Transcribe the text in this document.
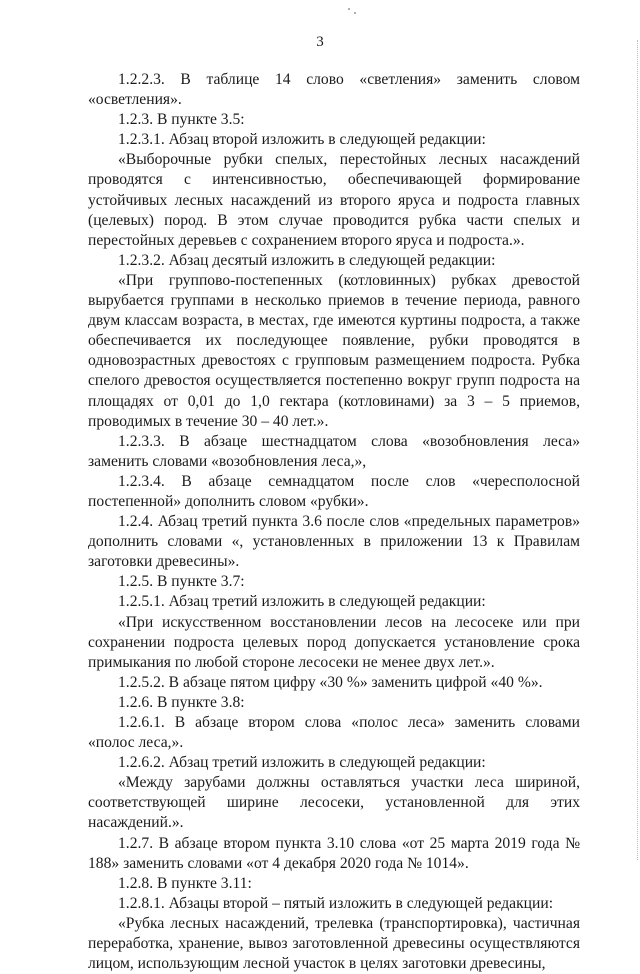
3

1.2.2.3. В таблице 14 слово «светления» заменить словом «осветления».

1.2.3. В пункте 3.5:

1.2.3.1. Абзац второй изложить в следующей редакции:

«Выборочные рубки спелых, перестойных лесных насаждений проводятся с интенсивностью, обеспечивающей формирование устойчивых лесных насаждений из второго яруса и подроста главных (целевых) пород. В этом случае проводится рубка части спелых и перестойных деревьев с сохранением второго яруса и подроста.».

1.2.3.2. Абзац десятый изложить в следующей редакции:

«При группово-постепенных (котловинных) рубках древостой вырубается группами в несколько приемов в течение периода, равного двум классам возраста, в местах, где имеются куртины подроста, а также обеспечивается их последующее появление, рубки проводятся в одновозрастных древостоях с групповым размещением подроста. Рубка спелого древостоя осуществляется постепенно вокруг групп подроста на площадях от 0,01 до 1,0 гектара (котловинами) за 3 – 5 приемов, проводимых в течение 30 – 40 лет.».

1.2.3.3. В абзаце шестнадцатом слова «возобновления леса» заменить словами «возобновления леса,»,

1.2.3.4. В абзаце семнадцатом после слов «чересполосной постепенной» дополнить словом «рубки».

1.2.4. Абзац третий пункта 3.6 после слов «предельных параметров» дополнить словами «, установленных в приложении 13 к Правилам заготовки древесины».

1.2.5. В пункте 3.7:

1.2.5.1. Абзац третий изложить в следующей редакции:

«При искусственном восстановлении лесов на лесосеке или при сохранении подроста целевых пород допускается установление срока примыкания по любой стороне лесосеки не менее двух лет.».

1.2.5.2. В абзаце пятом цифру «30 %» заменить цифрой «40 %».

1.2.6. В пункте 3.8:

1.2.6.1. В абзаце втором слова «полос леса» заменить словами «полос леса,».

1.2.6.2. Абзац третий изложить в следующей редакции:

«Между зарубами должны оставляться участки леса шириной, соответствующей ширине лесосеки, установленной для этих насаждений.».

1.2.7. В абзаце втором пункта 3.10 слова «от 25 марта 2019 года № 188» заменить словами «от 4 декабря 2020 года № 1014».

1.2.8. В пункте 3.11:

1.2.8.1. Абзацы второй – пятый изложить в следующей редакции:

«Рубка лесных насаждений, трелевка (транспортировка), частичная переработка, хранение, вывоз заготовленной древесины осуществляются лицом, использующим лесной участок в целях заготовки древесины,
